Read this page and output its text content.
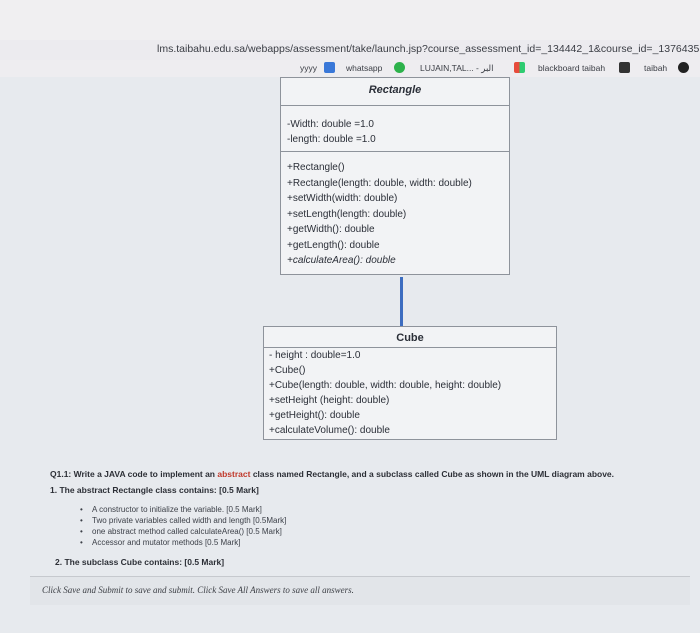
lms.taibahu.edu.sa/webapps/assessment/take/launch.jsp?course_assessment_id=_134442_1&course_id=_1376435
yyyy	whatsapp	LUJAIN,TAL... - ﺍﻟﺒﺮ	blackboard taibah	taibah
Rectangle
-Width: double =1.0
-length: double =1.0
+Rectangle()
+Rectangle(length: double, width: double)
+setWidth(width: double)
+setLength(length: double)
+getWidth(): double
+getLength(): double
+calculateArea(): double
Cube
- height : double=1.0
+Cube()
+Cube(length: double, width: double, height: double)
+setHeight (height: double)
+getHeight(): double
+calculateVolume(): double
Q1.1: Write a JAVA code to implement an abstract class named Rectangle, and a subclass called Cube as shown in the UML diagram above.
1. The abstract Rectangle class contains: [0.5 Mark]
• A constructor to initialize the variable. [0.5 Mark]
• Two private variables called width and length [0.5Mark]
• one abstract method called calculateArea() [0.5 Mark]
• Accessor and mutator methods [0.5 Mark]
2. The subclass Cube contains: [0.5 Mark]
Click Save and Submit to save and submit. Click Save All Answers to save all answers.
